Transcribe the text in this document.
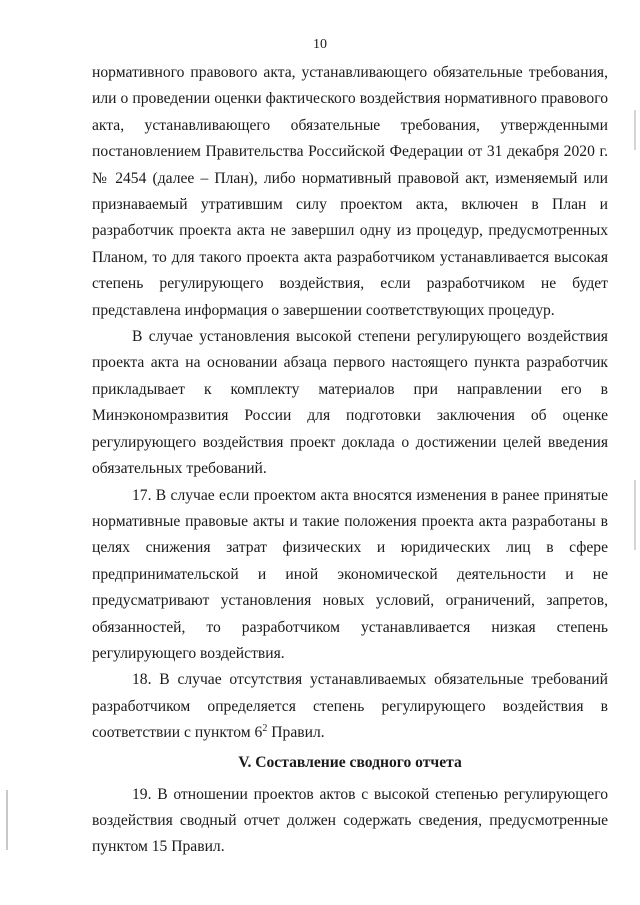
10

нормативного правового акта, устанавливающего обязательные требования, или о проведении оценки фактического воздействия нормативного правового акта, устанавливающего обязательные требования, утвержденными постановлением Правительства Российской Федерации от 31 декабря 2020 г. № 2454 (далее – План), либо нормативный правовой акт, изменяемый или признаваемый утратившим силу проектом акта, включен в План и разработчик проекта акта не завершил одну из процедур, предусмотренных Планом, то для такого проекта акта разработчиком устанавливается высокая степень регулирующего воздействия, если разработчиком не будет представлена информация о завершении соответствующих процедур.

В случае установления высокой степени регулирующего воздействия проекта акта на основании абзаца первого настоящего пункта разработчик прикладывает к комплекту материалов при направлении его в Минэкономразвития России для подготовки заключения об оценке регулирующего воздействия проект доклада о достижении целей введения обязательных требований.

17. В случае если проектом акта вносятся изменения в ранее принятые нормативные правовые акты и такие положения проекта акта разработаны в целях снижения затрат физических и юридических лиц в сфере предпринимательской и иной экономической деятельности и не предусматривают установления новых условий, ограничений, запретов, обязанностей, то разработчиком устанавливается низкая степень регулирующего воздействия.

18. В случае отсутствия устанавливаемых обязательные требований разработчиком определяется степень регулирующего воздействия в соответствии с пунктом $6^2$ Правил.

V. Составление сводного отчета

19. В отношении проектов актов с высокой степенью регулирующего воздействия сводный отчет должен содержать сведения, предусмотренные пунктом 15 Правил.
